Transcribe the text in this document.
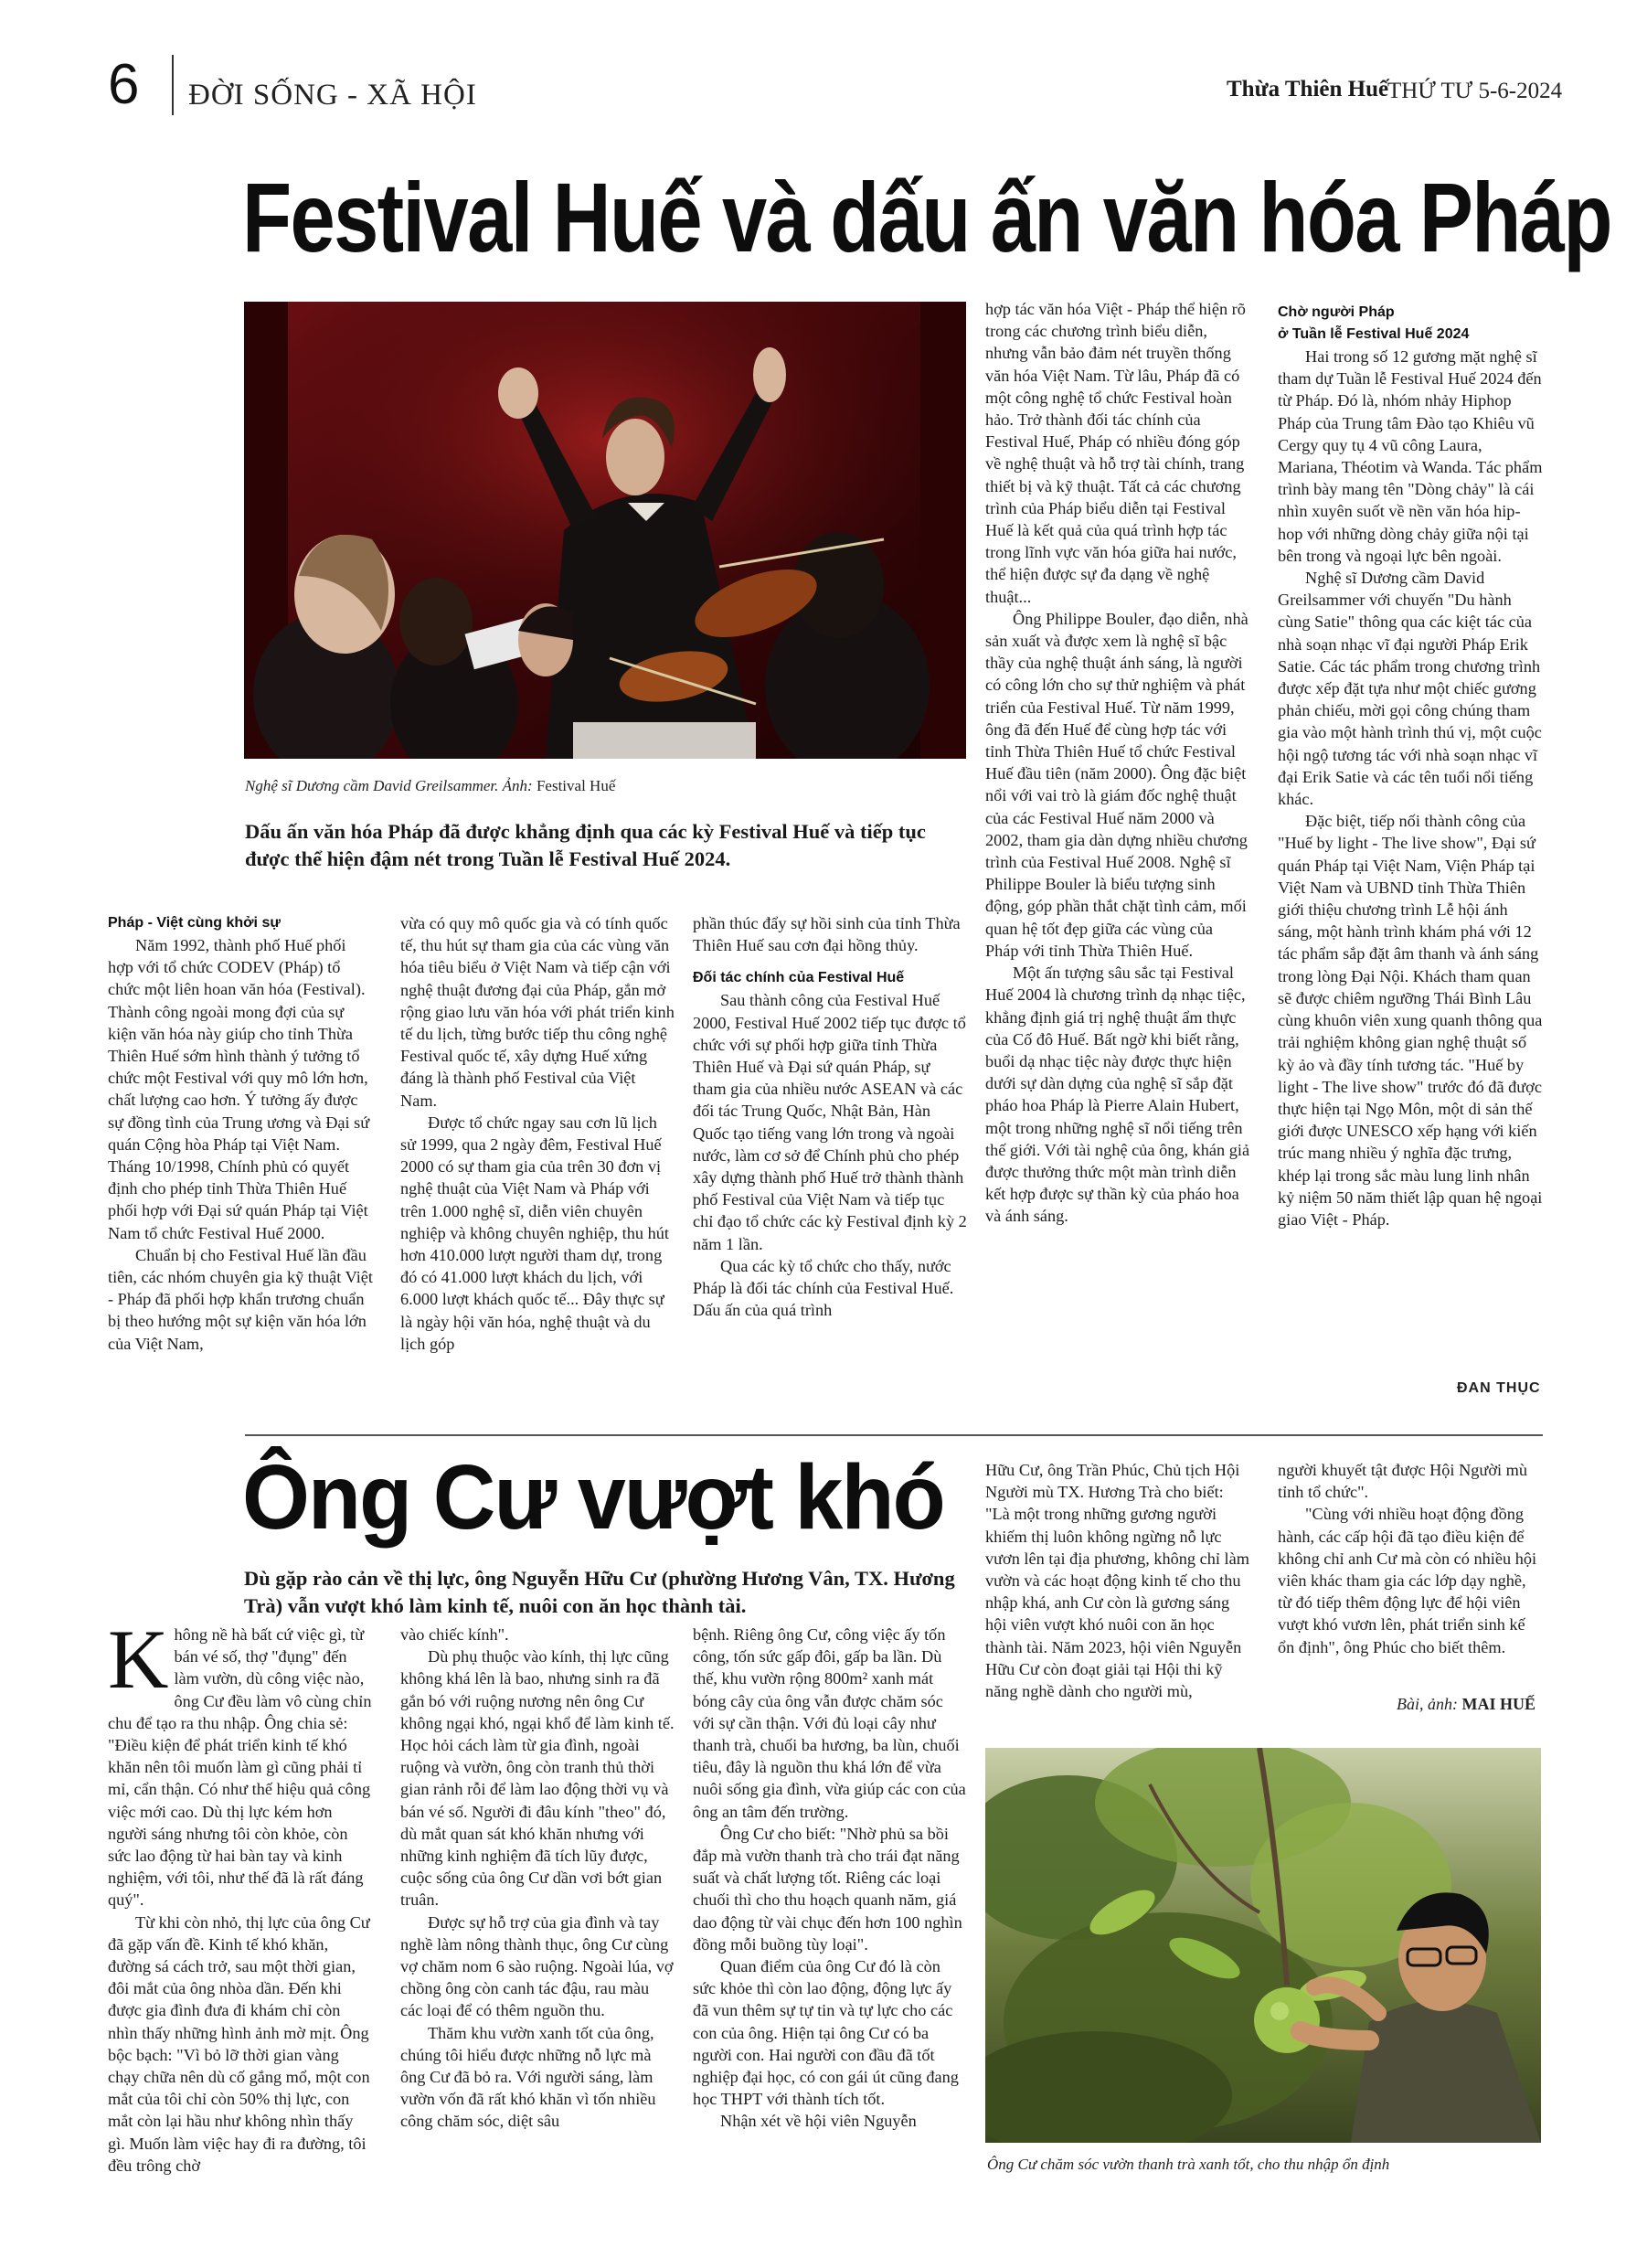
6 ĐỜI SỐNG - XÃ HỘI	Thừa Thiên Huế
THỨ TƯ 5-6-2024
Festival Huế và dấu ấn văn hóa Pháp
Nghệ sĩ Dương cầm David Greilsammer. Ảnh: Festival Huế
Dấu ấn văn hóa Pháp đã được khẳng định qua các kỳ Festival Huế và tiếp tục được thể hiện đậm nét trong Tuần lễ Festival Huế 2024.

Pháp - Việt cùng khởi sự

Năm 1992, thành phố Huế phối hợp với tổ chức CODEV (Pháp) tổ chức một liên hoan văn hóa (Festival). Thành công ngoài mong đợi của sự kiện văn hóa này giúp cho tỉnh Thừa Thiên Huế sớm hình thành ý tưởng tổ chức một Festival với quy mô lớn hơn, chất lượng cao hơn. Ý tưởng ấy được sự đồng tình của Trung ương và Đại sứ quán Cộng hòa Pháp tại Việt Nam. Tháng 10/1998, Chính phủ có quyết định cho phép tỉnh Thừa Thiên Huế phối hợp với Đại sứ quán Pháp tại Việt Nam tổ chức Festival Huế 2000.

Chuẩn bị cho Festival Huế lần đầu tiên, các nhóm chuyên gia kỹ thuật Việt - Pháp đã phối hợp khẩn trương chuẩn bị theo hướng một sự kiện văn hóa lớn của Việt Nam,

vừa có quy mô quốc gia và có tính quốc tế, thu hút sự tham gia của các vùng văn hóa tiêu biểu ở Việt Nam và tiếp cận với nghệ thuật đương đại của Pháp, gắn mở rộng giao lưu văn hóa với phát triển kinh tế du lịch, từng bước tiếp thu công nghệ Festival quốc tế, xây dựng Huế xứng đáng là thành phố Festival của Việt Nam.

Được tổ chức ngay sau cơn lũ lịch sử 1999, qua 2 ngày đêm, Festival Huế 2000 có sự tham gia của trên 30 đơn vị nghệ thuật của Việt Nam và Pháp với trên 1.000 nghệ sĩ, diễn viên chuyên nghiệp và không chuyên nghiệp, thu hút hơn 410.000 lượt người tham dự, trong đó có 41.000 lượt khách du lịch, với 6.000 lượt khách quốc tế... Đây thực sự là ngày hội văn hóa, nghệ thuật và du lịch góp

phần thúc đẩy sự hồi sinh của tỉnh Thừa Thiên Huế sau cơn đại hồng thủy.

Đối tác chính của Festival Huế

Sau thành công của Festival Huế 2000, Festival Huế 2002 tiếp tục được tổ chức với sự phối hợp giữa tỉnh Thừa Thiên Huế và Đại sứ quán Pháp, sự tham gia của nhiều nước ASEAN và các đối tác Trung Quốc, Nhật Bản, Hàn Quốc tạo tiếng vang lớn trong và ngoài nước, làm cơ sở để Chính phủ cho phép xây dựng thành phố Huế trở thành thành phố Festival của Việt Nam và tiếp tục chỉ đạo tổ chức các kỳ Festival định kỳ 2 năm 1 lần.

Qua các kỳ tổ chức cho thấy, nước Pháp là đối tác chính của Festival Huế. Dấu ấn của quá trình

hợp tác văn hóa Việt - Pháp thể hiện rõ trong các chương trình biểu diễn, nhưng vẫn bảo đảm nét truyền thống văn hóa Việt Nam. Từ lâu, Pháp đã có một công nghệ tổ chức Festival hoàn hảo. Trở thành đối tác chính của Festival Huế, Pháp có nhiều đóng góp về nghệ thuật và hỗ trợ tài chính, trang thiết bị và kỹ thuật. Tất cả các chương trình của Pháp biểu diễn tại Festival Huế là kết quả của quá trình hợp tác trong lĩnh vực văn hóa giữa hai nước, thể hiện được sự đa dạng về nghệ thuật...

Ông Philippe Bouler, đạo diễn, nhà sản xuất và được xem là nghệ sĩ bậc thầy của nghệ thuật ánh sáng, là người có công lớn cho sự thử nghiệm và phát triển của Festival Huế. Từ năm 1999, ông đã đến Huế để cùng hợp tác với tỉnh Thừa Thiên Huế tổ chức Festival Huế đầu tiên (năm 2000). Ông đặc biệt nổi với vai trò là giám đốc nghệ thuật của các Festival Huế năm 2000 và 2002, tham gia dàn dựng nhiều chương trình của Festival Huế 2008. Nghệ sĩ Philippe Bouler là biểu tượng sinh động, góp phần thắt chặt tình cảm, mối quan hệ tốt đẹp giữa các vùng của Pháp với tỉnh Thừa Thiên Huế.

Một ấn tượng sâu sắc tại Festival Huế 2004 là chương trình dạ nhạc tiệc, khẳng định giá trị nghệ thuật ẩm thực của Cố đô Huế. Bất ngờ khi biết rằng, buổi dạ nhạc tiệc này được thực hiện dưới sự dàn dựng của nghệ sĩ sắp đặt pháo hoa Pháp là Pierre Alain Hubert, một trong những nghệ sĩ nổi tiếng trên thế giới. Với tài nghệ của ông, khán giả được thưởng thức một màn trình diễn kết hợp được sự thần kỳ của pháo hoa và ánh sáng.

Chờ người Pháp

ở Tuần lễ Festival Huế 2024

Hai trong số 12 gương mặt nghệ sĩ tham dự Tuần lễ Festival Huế 2024 đến từ Pháp. Đó là, nhóm nhảy Hiphop Pháp của Trung tâm Đào tạo Khiêu vũ Cergy quy tụ 4 vũ công Laura, Mariana, Théotim và Wanda. Tác phẩm trình bày mang tên "Dòng chảy" là cái nhìn xuyên suốt về nền văn hóa hip-hop với những dòng chảy giữa nội tại bên trong và ngoại lực bên ngoài.

Nghệ sĩ Dương cầm David Greilsammer với chuyến "Du hành cùng Satie" thông qua các kiệt tác của nhà soạn nhạc vĩ đại người Pháp Erik Satie. Các tác phẩm trong chương trình được xếp đặt tựa như một chiếc gương phản chiếu, mời gọi công chúng tham gia vào một hành trình thú vị, một cuộc hội ngộ tương tác với nhà soạn nhạc vĩ đại Erik Satie và các tên tuổi nổi tiếng khác.

Đặc biệt, tiếp nối thành công của "Huế by light - The live show", Đại sứ quán Pháp tại Việt Nam, Viện Pháp tại Việt Nam và UBND tỉnh Thừa Thiên giới thiệu chương trình Lễ hội ánh sáng, một hành trình khám phá với 12 tác phẩm sắp đặt âm thanh và ánh sáng trong lòng Đại Nội. Khách tham quan sẽ được chiêm ngưỡng Thái Bình Lâu cùng khuôn viên xung quanh thông qua trải nghiệm không gian nghệ thuật số kỳ ảo và đầy tính tương tác. "Huế by light - The live show" trước đó đã được thực hiện tại Ngọ Môn, một di sản thế giới được UNESCO xếp hạng với kiến trúc mang nhiều ý nghĩa đặc trưng, khép lại trong sắc màu lung linh nhân kỷ niệm 50 năm thiết lập quan hệ ngoại giao Việt - Pháp.

ĐAN THỤC
Ông Cư vượt khó
Dù gặp rào cản về thị lực, ông Nguyễn Hữu Cư (phường Hương Vân, TX. Hương Trà) vẫn vượt khó làm kinh tế, nuôi con ăn học thành tài.

Không nề hà bất cứ việc gì, từ bán vé số, thợ "đụng" đến làm vườn, dù công việc nào, ông Cư đều làm vô cùng chỉn chu để tạo ra thu nhập. Ông chia sẻ: "Điều kiện để phát triển kinh tế khó khăn nên tôi muốn làm gì cũng phải tỉ mỉ, cẩn thận. Có như thế hiệu quả công việc mới cao. Dù thị lực kém hơn người sáng nhưng tôi còn khỏe, còn sức lao động từ hai bàn tay và kinh nghiệm, với tôi, như thế đã là rất đáng quý".

Từ khi còn nhỏ, thị lực của ông Cư đã gặp vấn đề. Kinh tế khó khăn, đường sá cách trở, sau một thời gian, đôi mắt của ông nhòa dần. Đến khi được gia đình đưa đi khám chỉ còn nhìn thấy những hình ảnh mờ mịt. Ông bộc bạch: "Vì bỏ lỡ thời gian vàng chạy chữa nên dù cố gắng mổ, một con mắt của tôi chỉ còn 50% thị lực, con mắt còn lại hầu như không nhìn thấy gì. Muốn làm việc hay đi ra đường, tôi đều trông chờ

vào chiếc kính".

Dù phụ thuộc vào kính, thị lực cũng không khá lên là bao, nhưng sinh ra đã gắn bó với ruộng nương nên ông Cư không ngại khó, ngại khổ để làm kinh tế. Học hỏi cách làm từ gia đình, ngoài ruộng và vườn, ông còn tranh thủ thời gian rảnh rỗi để làm lao động thời vụ và bán vé số. Người đi đâu kính "theo" đó, dù mắt quan sát khó khăn nhưng với những kinh nghiệm đã tích lũy được, cuộc sống của ông Cư dần vơi bớt gian truân.

Được sự hỗ trợ của gia đình và tay nghề làm nông thành thục, ông Cư cùng vợ chăm nom 6 sào ruộng. Ngoài lúa, vợ chồng ông còn canh tác đậu, rau màu các loại để có thêm nguồn thu.

Thăm khu vườn xanh tốt của ông, chúng tôi hiểu được những nỗ lực mà ông Cư đã bỏ ra. Với người sáng, làm vườn vốn đã rất khó khăn vì tốn nhiều công chăm sóc, diệt sâu

bệnh. Riêng ông Cư, công việc ấy tốn công, tốn sức gấp đôi, gấp ba lần. Dù thế, khu vườn rộng 800m² xanh mát bóng cây của ông vẫn được chăm sóc với sự cần thận. Với đủ loại cây như thanh trà, chuối ba hương, ba lùn, chuối tiêu, đây là nguồn thu khá lớn để vừa nuôi sống gia đình, vừa giúp các con của ông an tâm đến trường.

Ông Cư cho biết: "Nhờ phủ sa bồi đắp mà vườn thanh trà cho trái đạt năng suất và chất lượng tốt. Riêng các loại chuối thì cho thu hoạch quanh năm, giá dao động từ vài chục đến hơn 100 nghìn đồng mỗi buồng tùy loại".

Quan điểm của ông Cư đó là còn sức khỏe thì còn lao động, động lực ấy đã vun thêm sự tự tin và tự lực cho các con của ông. Hiện tại ông Cư có ba người con. Hai người con đầu đã tốt nghiệp đại học, có con gái út cũng đang học THPT với thành tích tốt.

Nhận xét về hội viên Nguyễn

Hữu Cư, ông Trần Phúc, Chủ tịch Hội Người mù TX. Hương Trà cho biết: "Là một trong những gương người khiếm thị luôn không ngừng nỗ lực vươn lên tại địa phương, không chỉ làm vườn và các hoạt động kinh tế cho thu nhập khá, anh Cư còn là gương sáng hội viên vượt khó nuôi con ăn học thành tài. Năm 2023, hội viên Nguyễn Hữu Cư còn đoạt giải tại Hội thi kỹ năng nghề dành cho người mù,

người khuyết tật được Hội Người mù tỉnh tổ chức".

"Cùng với nhiều hoạt động đồng hành, các cấp hội đã tạo điều kiện để không chỉ anh Cư mà còn có nhiều hội viên khác tham gia các lớp dạy nghề, từ đó tiếp thêm động lực để hội viên vượt khó vươn lên, phát triển sinh kế ổn định", ông Phúc cho biết thêm.

Bài, ảnh: MAI HUẾ
Ông Cư chăm sóc vườn thanh trà xanh tốt, cho thu nhập ổn định
